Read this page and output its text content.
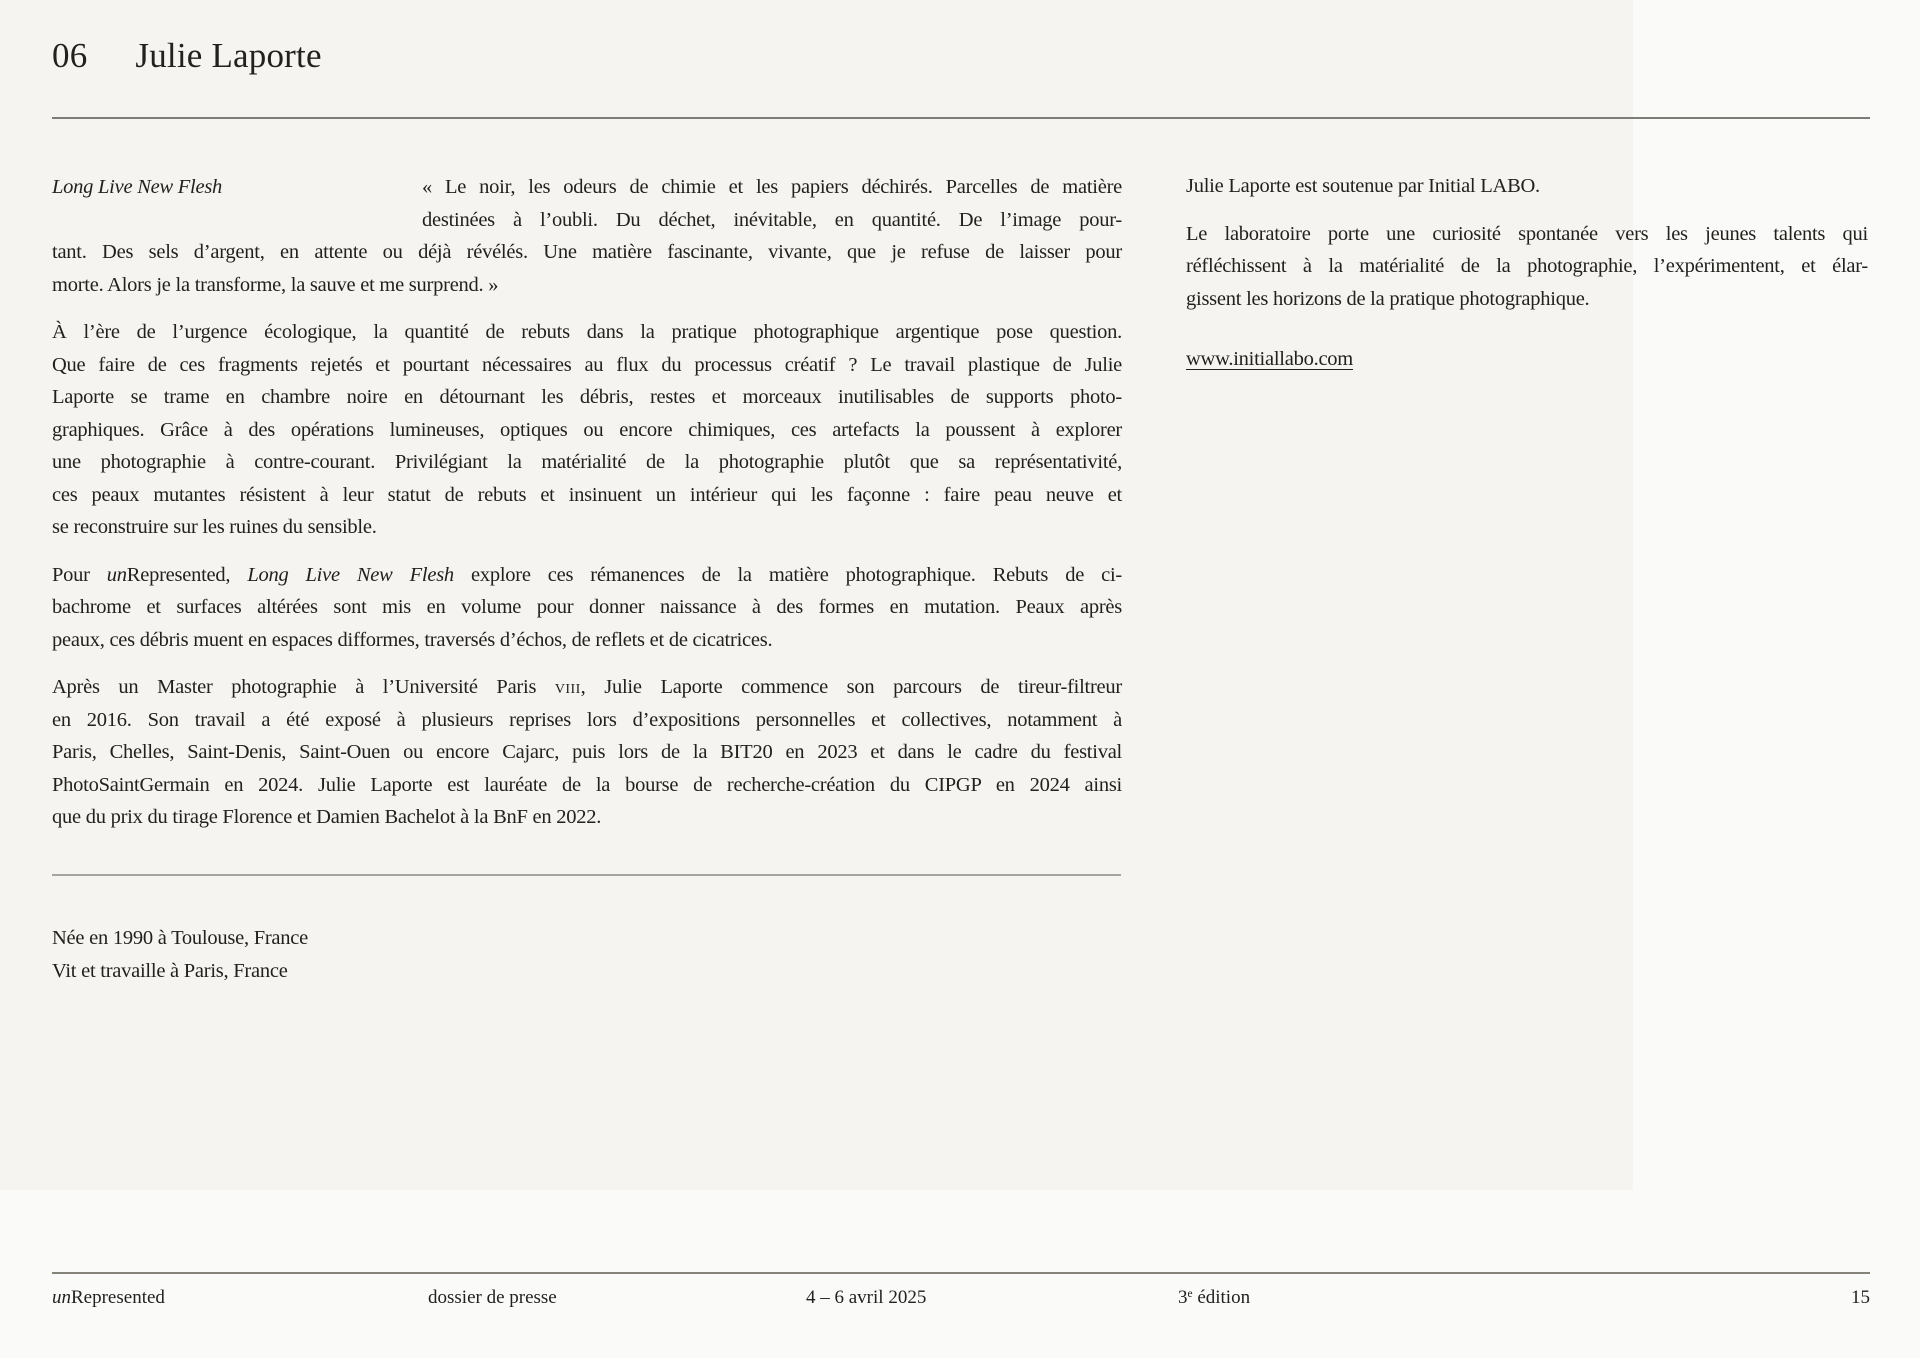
06 Julie Laporte
Long Live New Flesh	« Le noir, les odeurs de chimie et les papiers déchirés. Parcelles de matière
destinées à l’oubli. Du déchet, inévitable, en quantité. De l’image pour-
tant. Des sels d’argent, en attente ou déjà révélés. Une matière fascinante, vivante, que je refuse de laisser pour
morte. Alors je la transforme, la sauve et me surprend. »
À l’ère de l’urgence écologique, la quantité de rebuts dans la pratique photographique argentique pose question.
Que faire de ces fragments rejetés et pourtant nécessaires au flux du processus créatif ? Le travail plastique de Julie
Laporte se trame en chambre noire en détournant les débris, restes et morceaux inutilisables de supports photo-
graphiques. Grâce à des opérations lumineuses, optiques ou encore chimiques, ces artefacts la poussent à explorer
une photographie à contre-courant. Privilégiant la matérialité de la photographie plutôt que sa représentativité,
ces peaux mutantes résistent à leur statut de rebuts et insinuent un intérieur qui les façonne : faire peau neuve et
se reconstruire sur les ruines du sensible.
Pour unRepresented, Long Live New Flesh explore ces rémanences de la matière photographique. Rebuts de ci-
bachrome et surfaces altérées sont mis en volume pour donner naissance à des formes en mutation. Peaux après
peaux, ces débris muent en espaces difformes, traversés d’échos, de reflets et de cicatrices.
Après un Master photographie à l’Université Paris viii, Julie Laporte commence son parcours de tireur-filtreur
en 2016. Son travail a été exposé à plusieurs reprises lors d’expositions personnelles et collectives, notamment à
Paris, Chelles, Saint-Denis, Saint-Ouen ou encore Cajarc, puis lors de la BIT20 en 2023 et dans le cadre du festival
PhotoSaintGermain en 2024. Julie Laporte est lauréate de la bourse de recherche-création du CIPGP en 2024 ainsi
que du prix du tirage Florence et Damien Bachelot à la BnF en 2022.
Née en 1990 à Toulouse, France
Vit et travaille à Paris, France
Julie Laporte est soutenue par Initial LABO.
Le laboratoire porte une curiosité spontanée vers les jeunes talents qui
réfléchissent à la matérialité de la photographie, l’expérimentent, et élar-
gissent les horizons de la pratique photographique.
www.initiallabo.com
unRepresented	dossier de presse	4 – 6 avril 2025	3e édition	15
